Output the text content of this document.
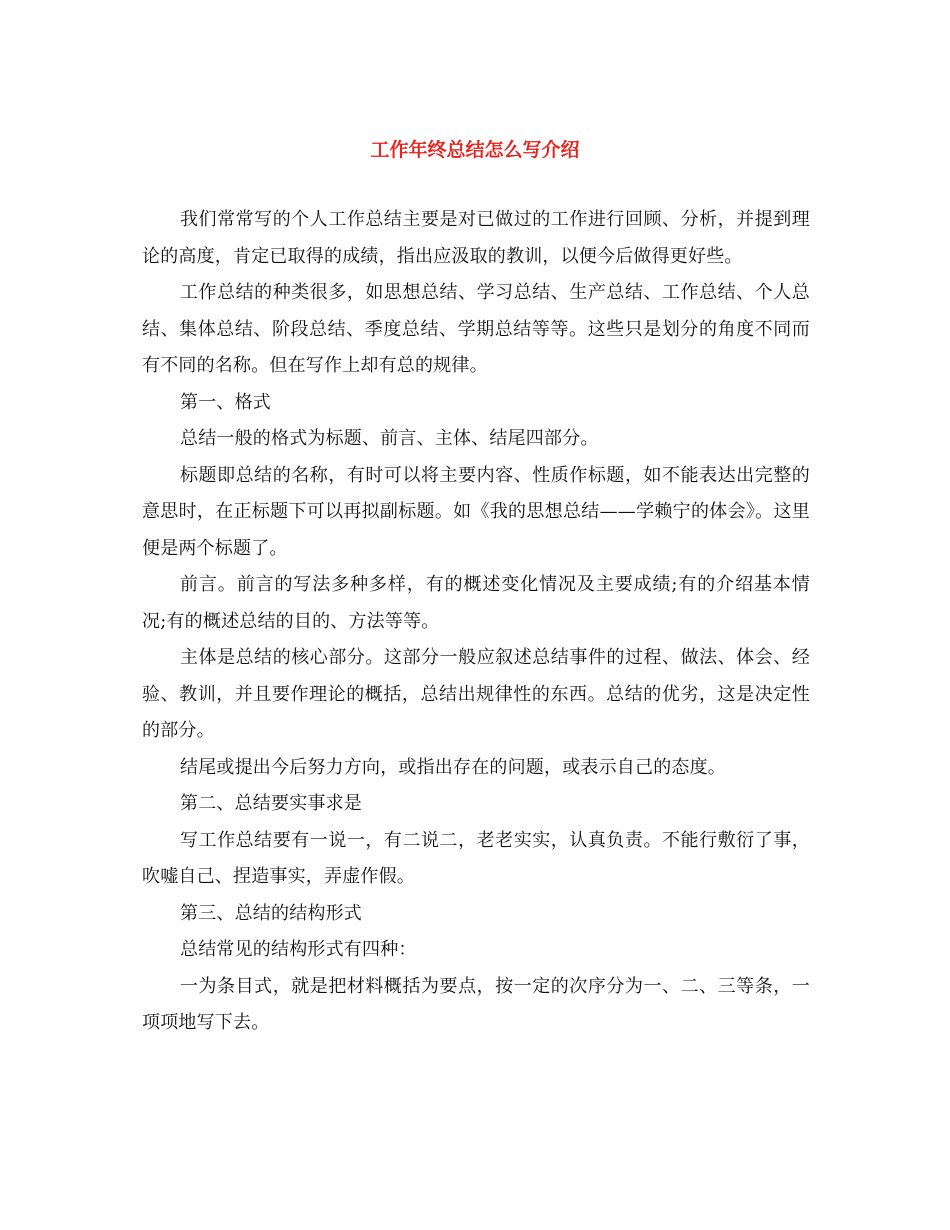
工作年终总结怎么写介绍

我们常常写的个人工作总结主要是对已做过的工作进行回顾、分析，并提到理论的高度，肯定已取得的成绩，指出应汲取的教训，以便今后做得更好些。

工作总结的种类很多，如思想总结、学习总结、生产总结、工作总结、个人总结、集体总结、阶段总结、季度总结、学期总结等等。这些只是划分的角度不同而有不同的名称。但在写作上却有总的规律。

第一、格式

总结一般的格式为标题、前言、主体、结尾四部分。

标题即总结的名称，有时可以将主要内容、性质作标题，如不能表达出完整的意思时，在正标题下可以再拟副标题。如《我的思想总结——学赖宁的体会》。这里便是两个标题了。

前言。前言的写法多种多样，有的概述变化情况及主要成绩;有的介绍基本情况;有的概述总结的目的、方法等等。

主体是总结的核心部分。这部分一般应叙述总结事件的过程、做法、体会、经验、教训，并且要作理论的概括，总结出规律性的东西。总结的优劣，这是决定性的部分。

结尾或提出今后努力方向，或指出存在的问题，或表示自己的态度。

第二、总结要实事求是

写工作总结要有一说一，有二说二，老老实实，认真负责。不能行敷衍了事，吹嘘自己、捏造事实，弄虚作假。

第三、总结的结构形式

总结常见的结构形式有四种：

一为条目式，就是把材料概括为要点，按一定的次序分为一、二、三等条，一项项地写下去。
